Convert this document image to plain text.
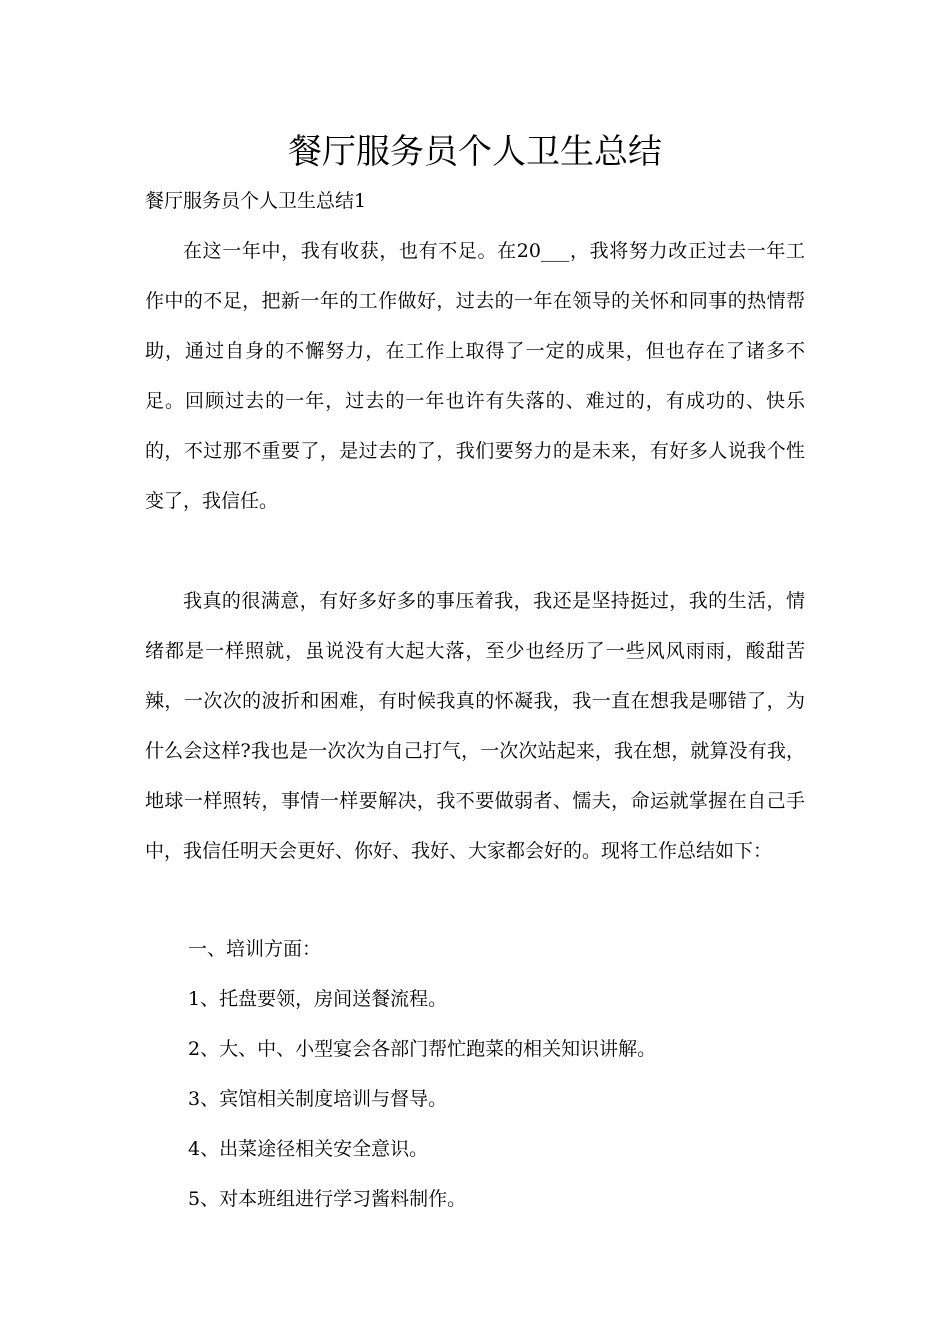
餐厅服务员个人卫生总结

餐厅服务员个人卫生总结1

在这一年中，我有收获，也有不足。在20___，我将努力改正过去一年工作中的不足，把新一年的工作做好，过去的一年在领导的关怀和同事的热情帮助，通过自身的不懈努力，在工作上取得了一定的成果，但也存在了诸多不足。回顾过去的一年，过去的一年也许有失落的、难过的，有成功的、快乐的，不过那不重要了，是过去的了，我们要努力的是未来，有好多人说我个性变了，我信任。
我真的很满意，有好多好多的事压着我，我还是坚持挺过，我的生活，情绪都是一样照就，虽说没有大起大落，至少也经历了一些风风雨雨，酸甜苦辣，一次次的波折和困难，有时候我真的怀凝我，我一直在想我是哪错了，为什么会这样?我也是一次次为自己打气，一次次站起来，我在想，就算没有我，地球一样照转，事情一样要解决，我不要做弱者、懦夫，命运就掌握在自己手中，我信任明天会更好、你好、我好、大家都会好的。现将工作总结如下：
一、培训方面：
1、托盘要领，房间送餐流程。
2、大、中、小型宴会各部门帮忙跑菜的相关知识讲解。
3、宾馆相关制度培训与督导。
4、出菜途径相关安全意识。
5、对本班组进行学习酱料制作。
